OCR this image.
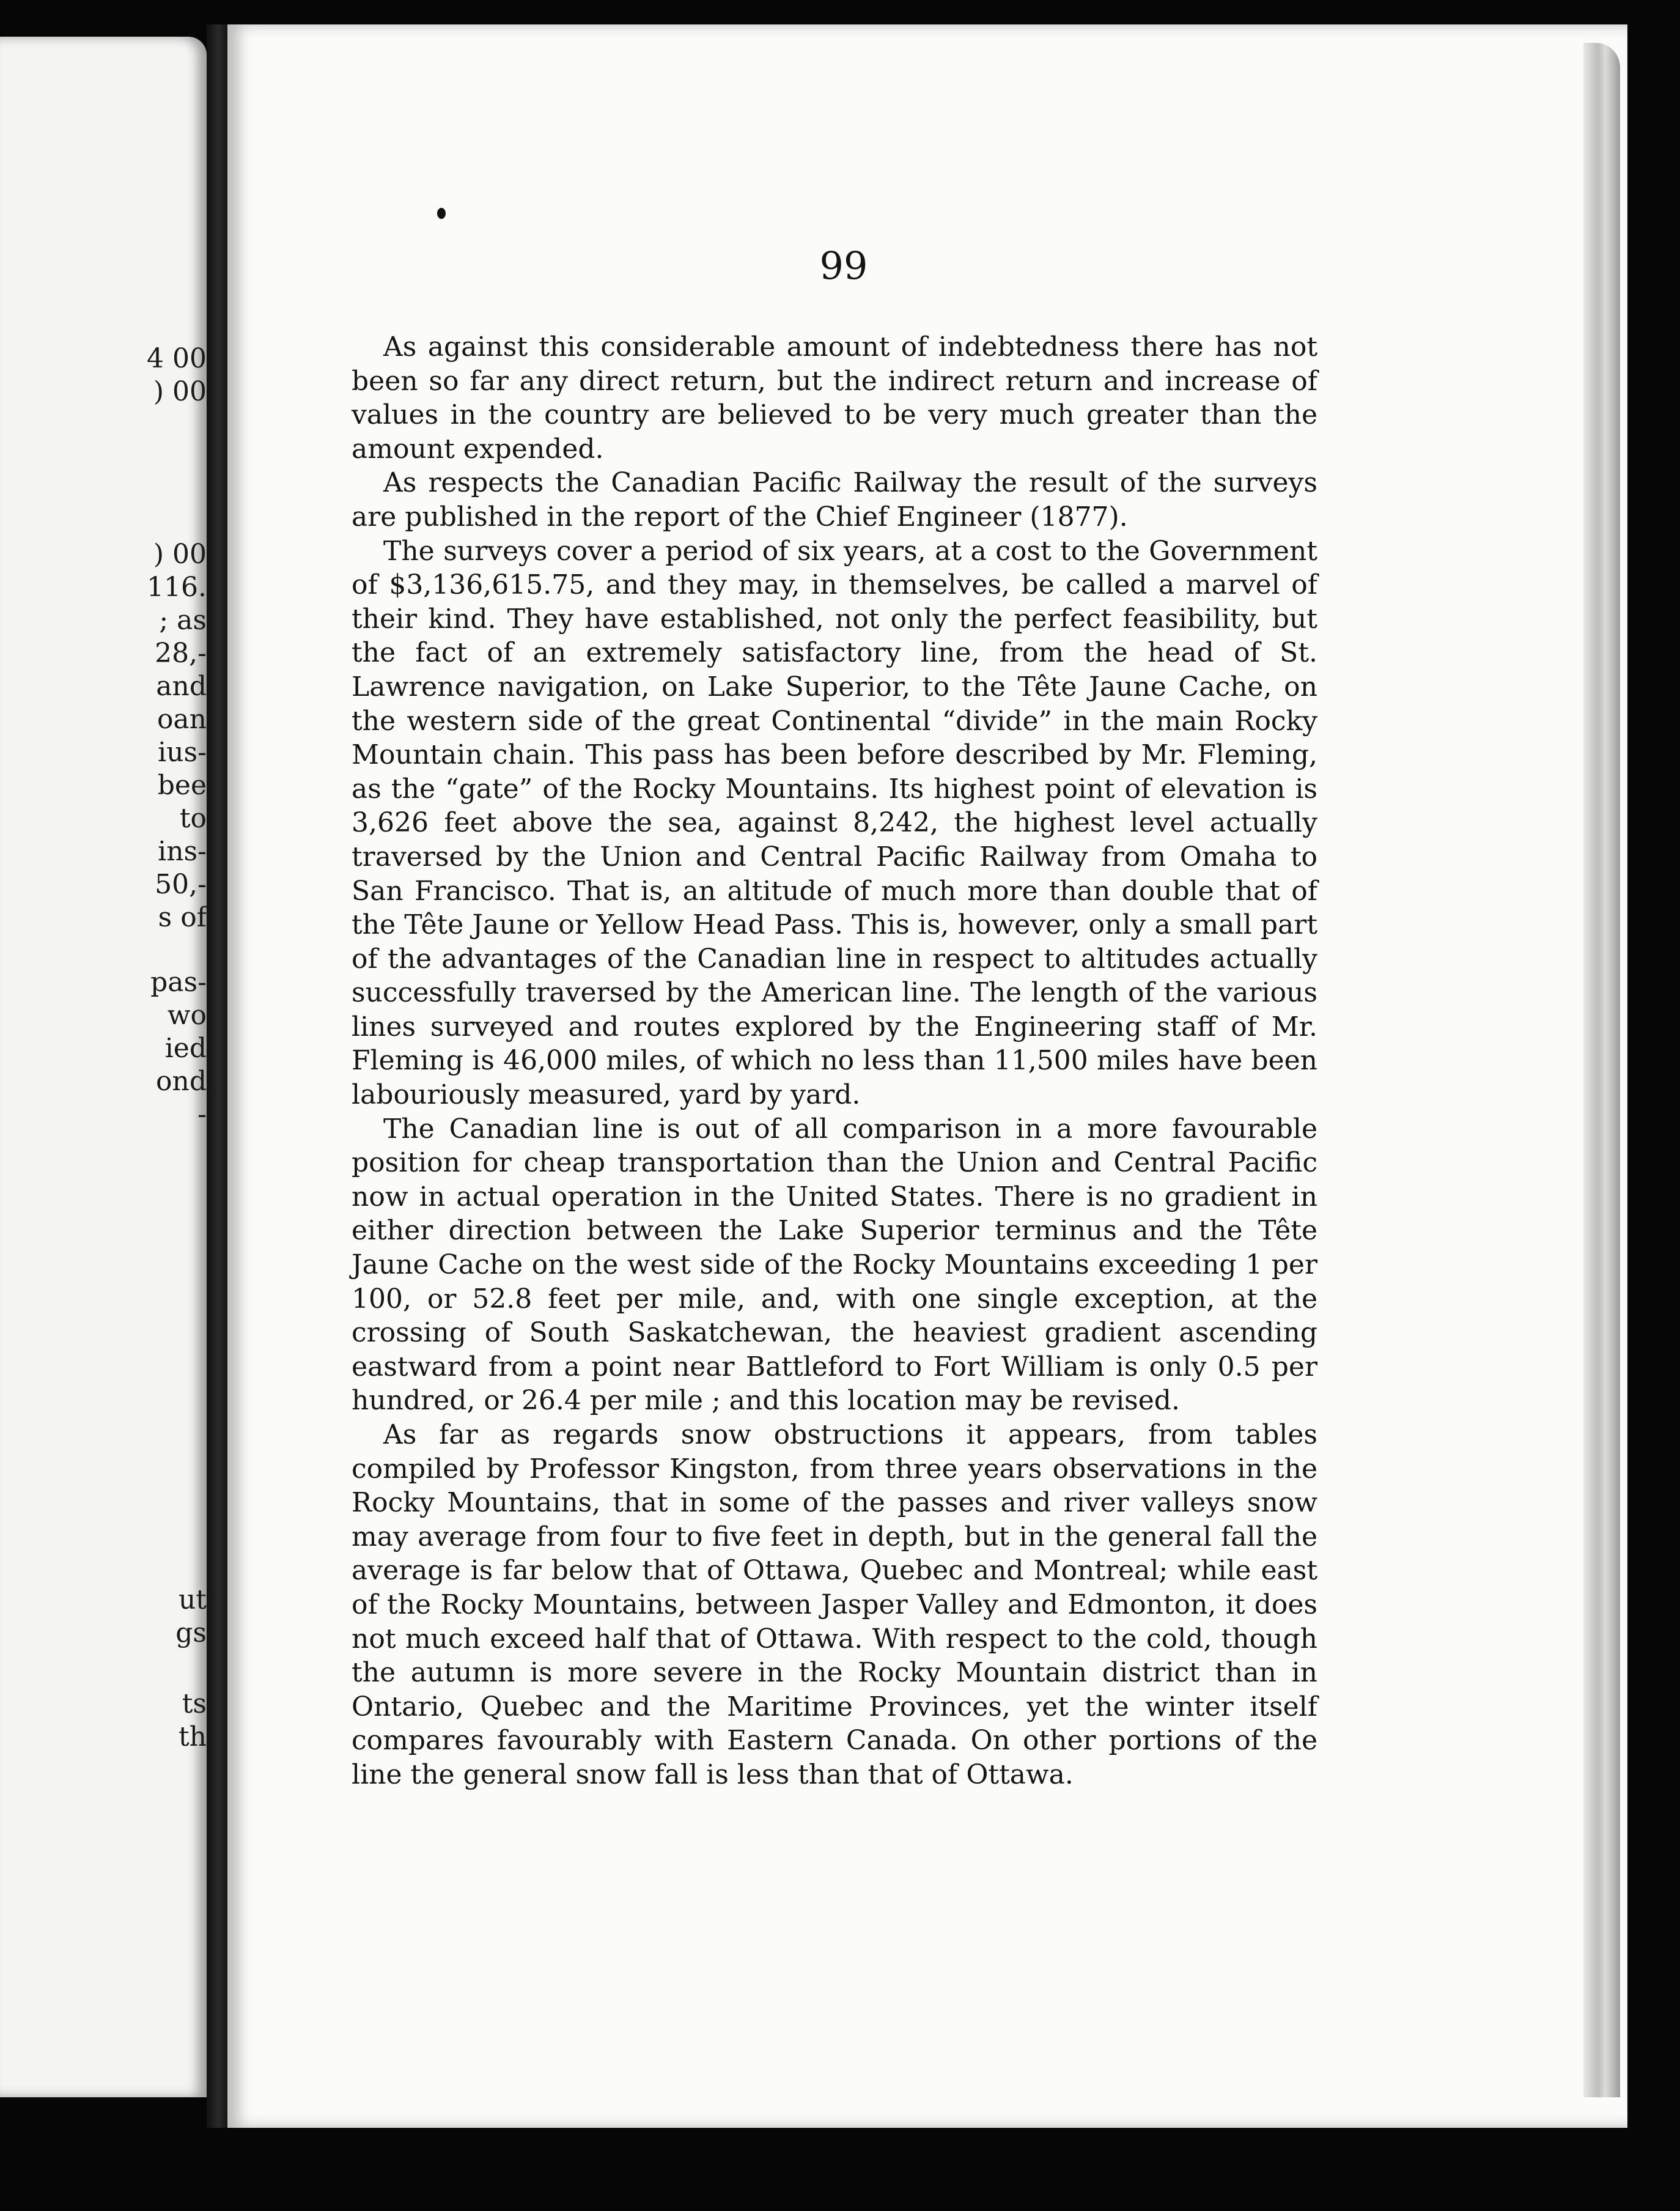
4 00
) 00
) 00
116.
; as
28,-
and
oan
ius-
bee
to
ins-
50,-
s of
pas-
wo
ied
ond
-
ut
gs
ts
th
99

As against this considerable amount of indebtedness there has not been so far any direct return, but the indirect return and increase of values in the country are believed to be very much greater than the amount expended.

As respects the Canadian Pacific Railway the result of the surveys are published in the report of the Chief Engineer (1877).

The surveys cover a period of six years, at a cost to the Government of $3,136,615.75, and they may, in themselves, be called a marvel of their kind. They have established, not only the perfect feasibility, but the fact of an extremely satisfactory line, from the head of St. Lawrence navigation, on Lake Superior, to the Tête Jaune Cache, on the western side of the great Continental “divide” in the main Rocky Mountain chain. This pass has been before described by Mr. Fleming, as the “gate” of the Rocky Mountains. Its highest point of elevation is 3,626 feet above the sea, against 8,242, the highest level actually traversed by the Union and Central Pacific Railway from Omaha to San Francisco. That is, an altitude of much more than double that of the Tête Jaune or Yellow Head Pass. This is, however, only a small part of the advantages of the Canadian line in respect to altitudes actually successfully traversed by the American line. The length of the various lines surveyed and routes explored by the Engineering staff of Mr. Fleming is 46,000 miles, of which no less than 11,500 miles have been labouriously measured, yard by yard.

The Canadian line is out of all comparison in a more favourable position for cheap transportation than the Union and Central Pacific now in actual operation in the United States. There is no gradient in either direction between the Lake Superior terminus and the Tête Jaune Cache on the west side of the Rocky Mountains exceeding 1 per 100, or 52.8 feet per mile, and, with one single exception, at the crossing of South Saskatchewan, the heaviest gradient ascending eastward from a point near Battleford to Fort William is only 0.5 per hundred, or 26.4 per mile ; and this location may be revised.

As far as regards snow obstructions it appears, from tables compiled by Professor Kingston, from three years observations in the Rocky Mountains, that in some of the passes and river valleys snow may average from four to five feet in depth, but in the general fall the average is far below that of Ottawa, Quebec and Montreal; while east of the Rocky Mountains, between Jasper Valley and Edmonton, it does not much exceed half that of Ottawa. With respect to the cold, though the autumn is more severe in the Rocky Mountain district than in Ontario, Quebec and the Maritime Provinces, yet the winter itself compares favourably with Eastern Canada. On other portions of the line the general snow fall is less than that of Ottawa.
